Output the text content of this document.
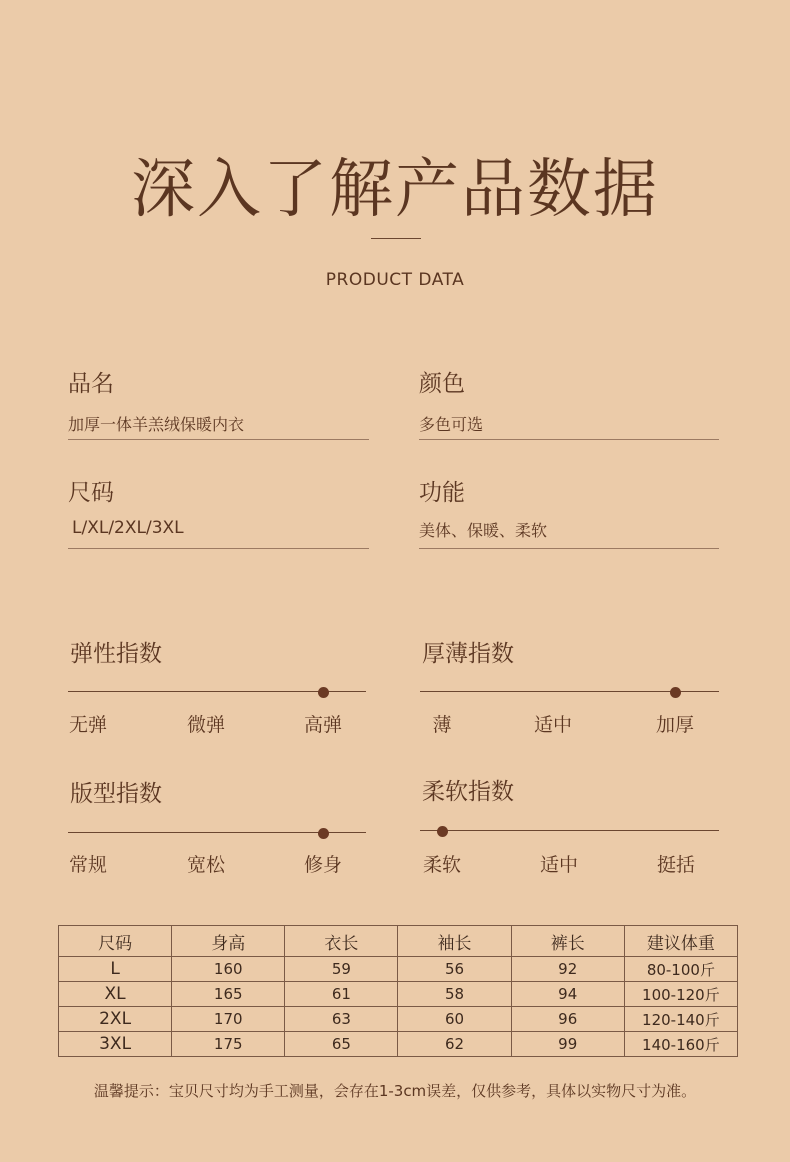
深入了解产品数据
PRODUCT DATA
品名
加厚一体羊羔绒保暖内衣
颜色
多色可选
尺码
L/XL/2XL/3XL
功能
美体、保暖、柔软
弹性指数
无弹	微弹	高弹
厚薄指数
薄	适中	加厚
版型指数
常规	宽松	修身
柔软指数
柔软	适中	挺括
尺码	身高	衣长	袖长	裤长	建议体重
L	160	59	56	92	80-100斤
XL	165	61	58	94	100-120斤
2XL	170	63	60	96	120-140斤
3XL	175	65	62	99	140-160斤
温馨提示：宝贝尺寸均为手工测量，会存在1-3cm误差，仅供参考，具体以实物尺寸为准。
